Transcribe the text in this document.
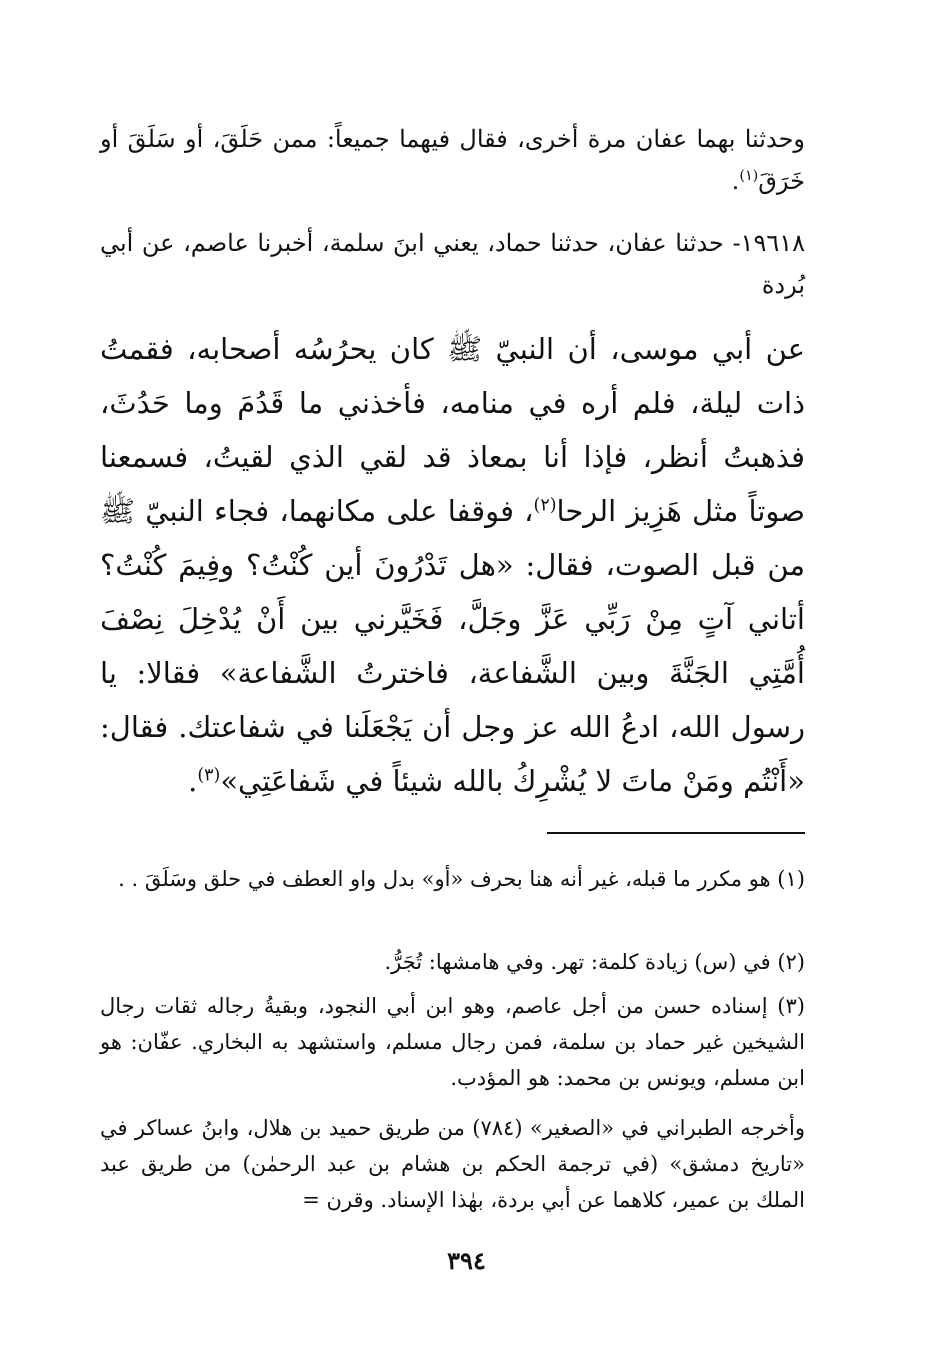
وحدثنا بهما عفان مرة أخرى، فقال فيهما جميعاً: ممن حَلَقَ، أو سَلَقَ أو خَرَقَ$^{(١)}$.

١٩٦١٨- حدثنا عفان، حدثنا حماد، يعني ابنَ سلمة، أخبرنا عاصم، عن أبي بُردة

عن أبي موسى، أن النبيّ ﷺ كان يحرُسُه أصحابه، فقمتُ ذات ليلة، فلم أره في منامه، فأخذني ما قَدُمَ وما حَدُثَ، فذهبتُ أنظر، فإذا أنا بمعاذ قد لقي الذي لقيتُ، فسمعنا صوتاً مثل هَزِيز الرحا$^{(٢)}$، فوقفا على مكانهما، فجاء النبيّ ﷺ من قبل الصوت، فقال: «هل تَدْرُونَ أين كُنْتُ؟ وفِيمَ كُنْتُ؟ أتاني آتٍ مِنْ رَبِّي عَزَّ وجَلَّ، فَخَيَّرني بين أَنْ يُدْخِلَ نِصْفَ أُمَّتِي الجَنَّةَ وبين الشَّفاعة، فاخترتُ الشَّفاعة» فقالا: يا رسول الله، ادعُ الله عز وجل أن يَجْعَلَنا في شفاعتك. فقال: «أَنْتُم ومَنْ ماتَ لا يُشْرِكُ بالله شيئاً في شَفاعَتِي»$^{(٣)}$.

(١) هو مكرر ما قبله، غير أنه هنا بحرف «أو» بدل واو العطف في حلق وسَلَقَ . .

(٢) في (س) زيادة كلمة: تهر. وفي هامشها: تُجَرُّ.

(٣) إسناده حسن من أجل عاصم، وهو ابن أبي النجود، وبقيةُ رجاله ثقات رجال الشيخين غير حماد بن سلمة، فمن رجال مسلم، واستشهد به البخاري. عفّان: هو ابن مسلم، ويونس بن محمد: هو المؤدب.

وأخرجه الطبراني في «الصغير» (٧٨٤) من طريق حميد بن هلال، وابنُ عساكر في «تاريخ دمشق» (في ترجمة الحكم بن هشام بن عبد الرحمٰن) من طريق عبد الملك بن عمير، كلاهما عن أبي بردة، بهٰذا الإسناد. وقرن =

٣٩٤
